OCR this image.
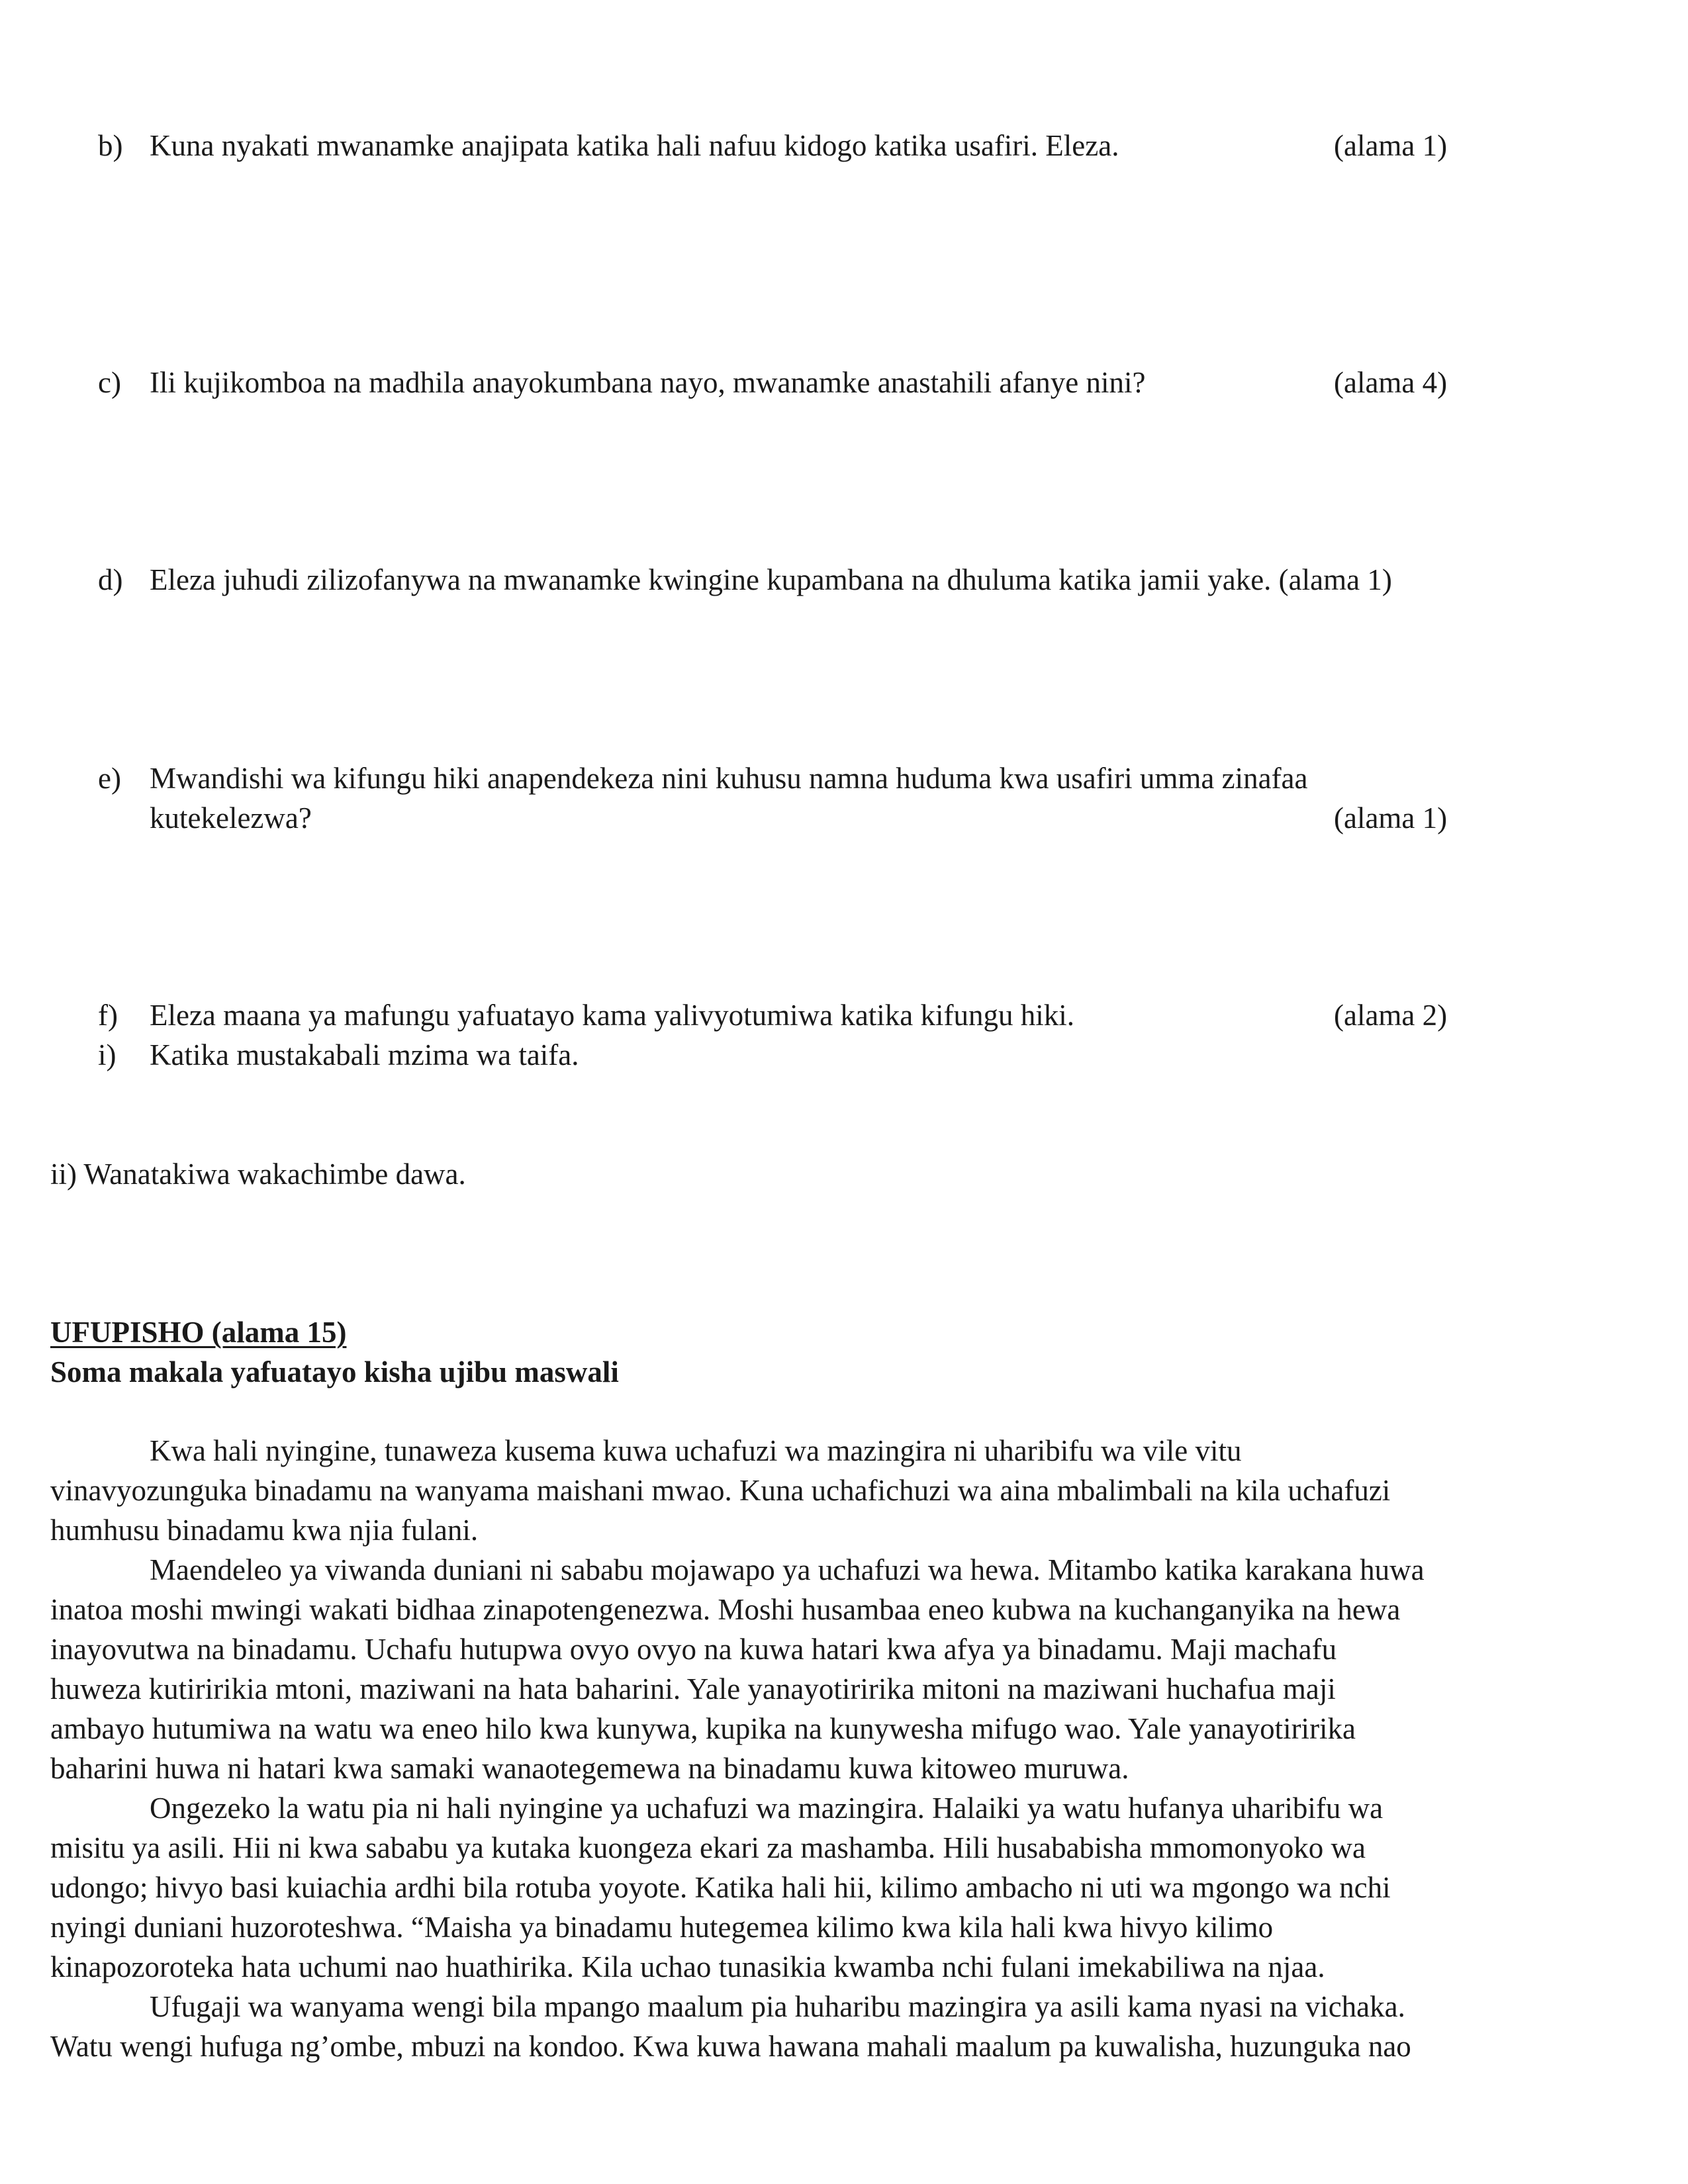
b) Kuna nyakati mwanamke anajipata katika hali nafuu kidogo katika usafiri. Eleza.	(alama 1)
c) Ili kujikomboa na madhila anayokumbana nayo, mwanamke anastahili afanye nini?	(alama 4)
d) Eleza juhudi zilizofanywa na mwanamke kwingine kupambana na dhuluma katika jamii yake. (alama 1)
e) Mwandishi wa kifungu hiki anapendekeza nini kuhusu namna huduma kwa usafiri umma zinafaa
kutekelezwa?	(alama 1)
f) Eleza maana ya mafungu yafuatayo kama yalivyotumiwa katika kifungu hiki.	(alama 2)
i) Katika mustakabali mzima wa taifa.
ii) Wanatakiwa wakachimbe dawa.
UFUPISHO (alama 15)
Soma makala yafuatayo kisha ujibu maswali
Kwa hali nyingine, tunaweza kusema kuwa uchafuzi wa mazingira ni uharibifu wa vile vitu
vinavyozunguka binadamu na wanyama maishani mwao. Kuna uchafichuzi wa aina mbalimbali na kila uchafuzi
humhusu binadamu kwa njia fulani.
Maendeleo ya viwanda duniani ni sababu mojawapo ya uchafuzi wa hewa. Mitambo katika karakana huwa
inatoa moshi mwingi wakati bidhaa zinapotengenezwa. Moshi husambaa eneo kubwa na kuchanganyika na hewa
inayovutwa na binadamu. Uchafu hutupwa ovyo ovyo na kuwa hatari kwa afya ya binadamu. Maji machafu
huweza kutiririkia mtoni, maziwani na hata baharini. Yale yanayotiririka mitoni na maziwani huchafua maji
ambayo hutumiwa na watu wa eneo hilo kwa kunywa, kupika na kunywesha mifugo wao. Yale yanayotiririka
baharini huwa ni hatari kwa samaki wanaotegemewa na binadamu kuwa kitoweo muruwa.
Ongezeko la watu pia ni hali nyingine ya uchafuzi wa mazingira. Halaiki ya watu hufanya uharibifu wa
misitu ya asili. Hii ni kwa sababu ya kutaka kuongeza ekari za mashamba. Hili husababisha mmomonyoko wa
udongo; hivyo basi kuiachia ardhi bila rotuba yoyote. Katika hali hii, kilimo ambacho ni uti wa mgongo wa nchi
nyingi duniani huzoroteshwa. “Maisha ya binadamu hutegemea kilimo kwa kila hali kwa hivyo kilimo
kinapozoroteka hata uchumi nao huathirika. Kila uchao tunasikia kwamba nchi fulani imekabiliwa na njaa.
Ufugaji wa wanyama wengi bila mpango maalum pia huharibu mazingira ya asili kama nyasi na vichaka.
Watu wengi hufuga ng’ombe, mbuzi na kondoo. Kwa kuwa hawana mahali maalum pa kuwalisha, huzunguka nao
